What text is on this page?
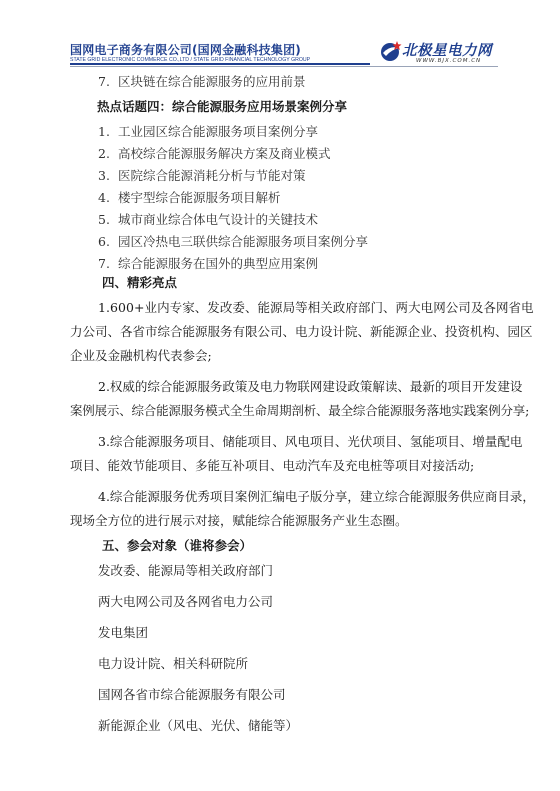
国网电子商务有限公司(国网金融科技集团)
STATE GRID ELECTRONIC COMMERCE CO.,LTD / STATE GRID FINANCIAL TECHNOLOGY GROUP
北极星电力网
WWW.BJX.COM.CN
7. 区块链在综合能源服务的应用前景
热点话题四：综合能源服务应用场景案例分享
1. 工业园区综合能源服务项目案例分享
2. 高校综合能源服务解决方案及商业模式
3. 医院综合能源消耗分析与节能对策
4. 楼宇型综合能源服务项目解析
5. 城市商业综合体电气设计的关键技术
6. 园区冷热电三联供综合能源服务项目案例分享
7. 综合能源服务在国外的典型应用案例
四、精彩亮点
1.600+业内专家、发改委、能源局等相关政府部门、两大电网公司及各网省电
力公司、各省市综合能源服务有限公司、电力设计院、新能源企业、投资机构、园区
企业及金融机构代表参会;
2.权威的综合能源服务政策及电力物联网建设政策解读、最新的项目开发建设
案例展示、综合能源服务模式全生命周期剖析、最全综合能源服务落地实践案例分享;
3.综合能源服务项目、储能项目、风电项目、光伏项目、氢能项目、增量配电
项目、能效节能项目、多能互补项目、电动汽车及充电桩等项目对接活动;
4.综合能源服务优秀项目案例汇编电子版分享，建立综合能源服务供应商目录，
现场全方位的进行展示对接，赋能综合能源服务产业生态圈。
五、参会对象（谁将参会）
发改委、能源局等相关政府部门
两大电网公司及各网省电力公司
发电集团
电力设计院、相关科研院所
国网各省市综合能源服务有限公司
新能源企业（风电、光伏、储能等）
